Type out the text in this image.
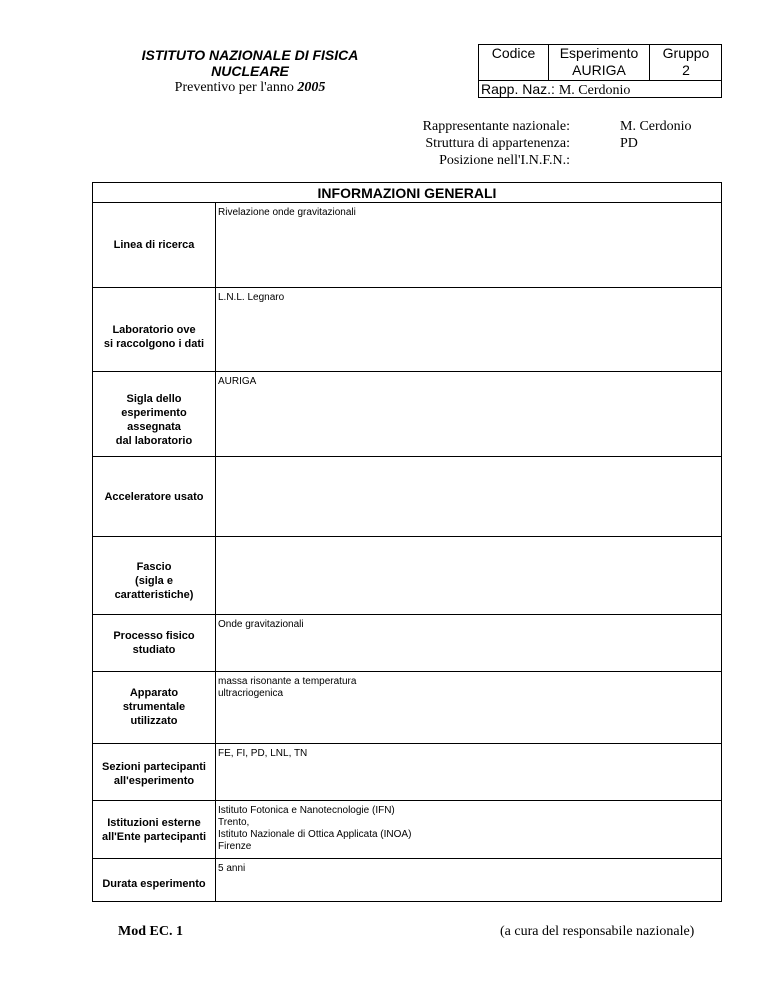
ISTITUTO NAZIONALE DI FISICA
NUCLEARE
Preventivo per l'anno 2005
Codice	Esperimento
AURIGA
Gruppo
2
Rapp. Naz.: M. Cerdonio
Rappresentante nazionale:
Struttura di appartenenza:
Posizione nell'I.N.F.N.:
M. Cerdonio
PD
INFORMAZIONI GENERALI
Linea di ricerca
Rivelazione onde gravitazionali
Laboratorio ove
si raccolgono i dati
L.N.L. Legnaro
Sigla dello
esperimento
assegnata
dal laboratorio
AURIGA
Acceleratore usato
Fascio
(sigla e
caratteristiche)
Processo fisico
studiato
Onde gravitazionali
Apparato
strumentale
utilizzato
massa risonante a temperatura
ultracriogenica
Sezioni partecipanti
all'esperimento
FE, FI, PD, LNL, TN
Istituzioni esterne
all'Ente partecipanti
Istituto Fotonica e Nanotecnologie (IFN)
Trento,
Istituto Nazionale di Ottica Applicata (INOA)
Firenze
Durata esperimento
5 anni
Mod EC. 1	(a cura del responsabile nazionale)
